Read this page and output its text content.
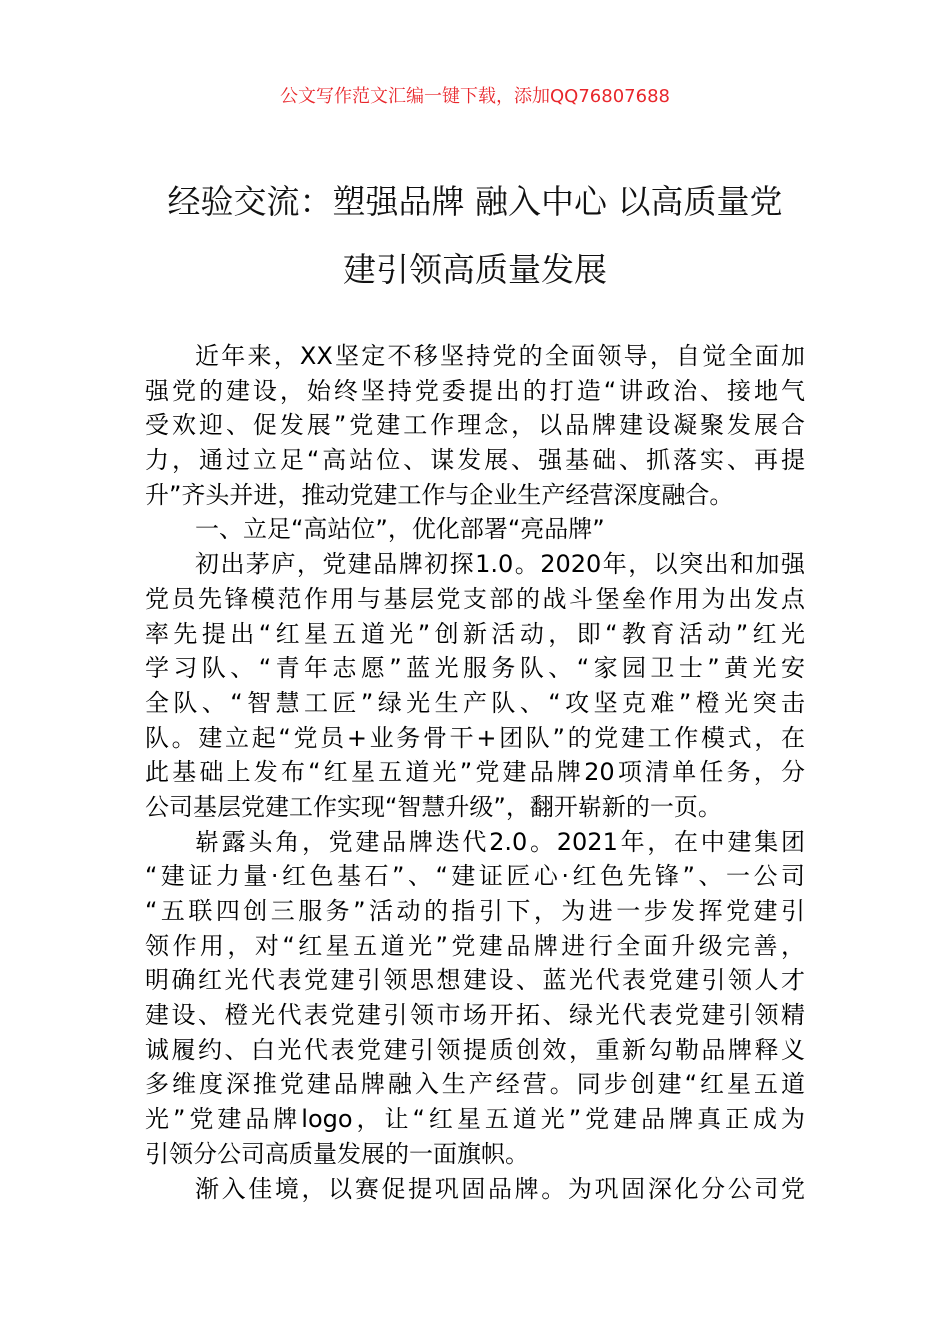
公文写作范文汇编一键下载，添加QQ76807688
经验交流：塑强品牌 融入中心 以高质量党
建引领高质量发展
近年来，XX坚定不移坚持党的全面领导，自觉全面加
强党的建设，始终坚持党委提出的打造“讲政治、接地气
受欢迎、促发展”党建工作理念，以品牌建设凝聚发展合
力，通过立足“高站位、谋发展、强基础、抓落实、再提
升”齐头并进，推动党建工作与企业生产经营深度融合。
一、立足“高站位”，优化部署“亮品牌”
初出茅庐，党建品牌初探1.0。2020年，以突出和加强
党员先锋模范作用与基层党支部的战斗堡垒作用为出发点
率先提出“红星五道光”创新活动，即“教育活动”红光
学习队、“青年志愿”蓝光服务队、“家园卫士”黄光安
全队、“智慧工匠”绿光生产队、“攻坚克难”橙光突击
队。建立起“党员+业务骨干+团队”的党建工作模式，在
此基础上发布“红星五道光”党建品牌20项清单任务，分
公司基层党建工作实现“智慧升级”，翻开崭新的一页。
崭露头角，党建品牌迭代2.0。2021年，在中建集团
“建证力量·红色基石”、“建证匠心·红色先锋”、一公司
“五联四创三服务”活动的指引下，为进一步发挥党建引
领作用，对“红星五道光”党建品牌进行全面升级完善，
明确红光代表党建引领思想建设、蓝光代表党建引领人才
建设、橙光代表党建引领市场开拓、绿光代表党建引领精
诚履约、白光代表党建引领提质创效，重新勾勒品牌释义
多维度深推党建品牌融入生产经营。同步创建“红星五道
光”党建品牌logo，让“红星五道光”党建品牌真正成为
引领分公司高质量发展的一面旗帜。
渐入佳境，以赛促提巩固品牌。为巩固深化分公司党
